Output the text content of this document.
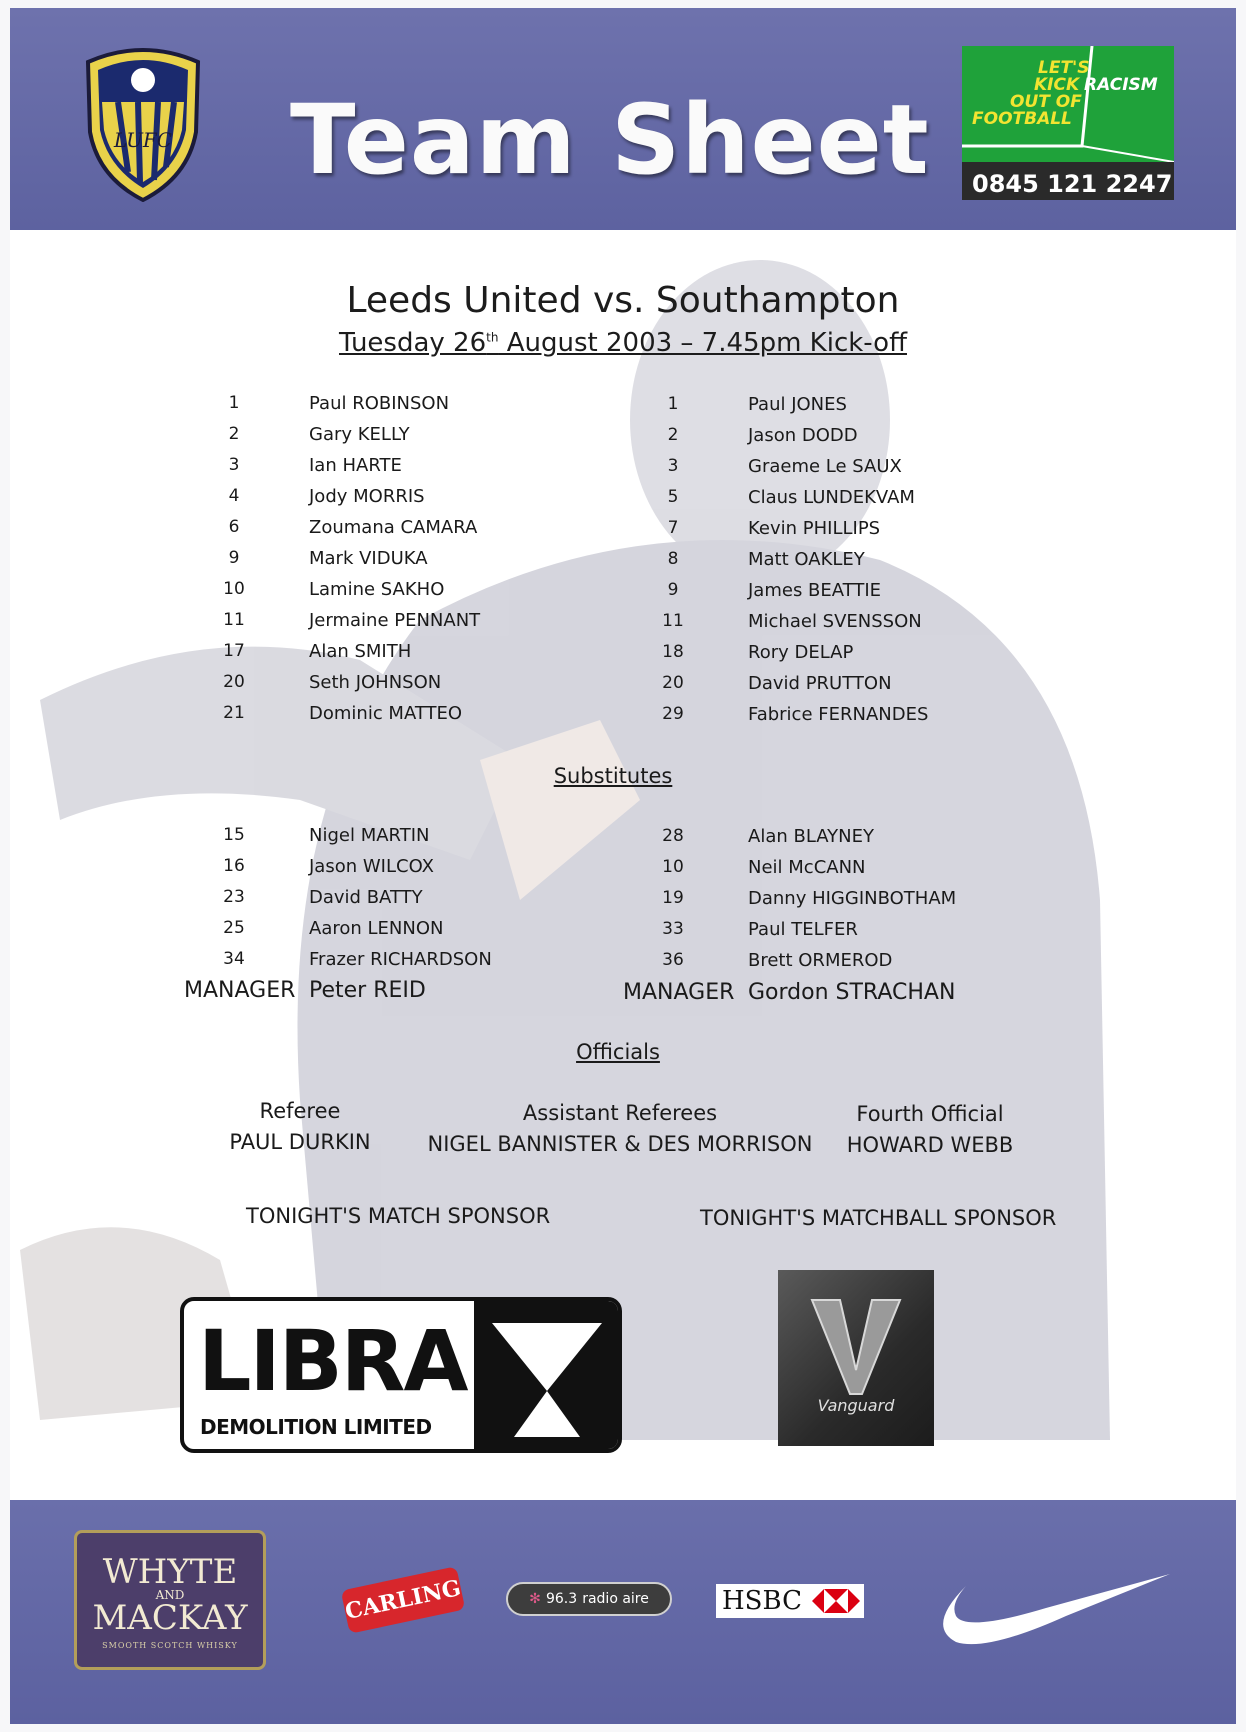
LUFC Team Sheet
LET'S
KICK RACISM
OUT OF
FOOTBALL
0845 121 2247
Leeds United vs. Southampton
Tuesday 26th August 2003 – 7.45pm Kick-off
1	Paul ROBINSON
2	Gary KELLY
3	Ian HARTE
4	Jody MORRIS
6	Zoumana CAMARA
9	Mark VIDUKA
10	Lamine SAKHO
11	Jermaine PENNANT
17	Alan SMITH
20	Seth JOHNSON
21	Dominic MATTEO
1	Paul JONES
2	Jason DODD
3	Graeme Le SAUX
5	Claus LUNDEKVAM
7	Kevin PHILLIPS
8	Matt OAKLEY
9	James BEATTIE
11	Michael SVENSSON
18	Rory DELAP
20	David PRUTTON
29	Fabrice FERNANDES
Substitutes
15	Nigel MARTIN
16	Jason WILCOX
23	David BATTY
25	Aaron LENNON
34	Frazer RICHARDSON
MANAGER Peter REID
28	Alan BLAYNEY
10	Neil McCANN
19	Danny HIGGINBOTHAM
33	Paul TELFER
36	Brett ORMEROD
MANAGER Gordon STRACHAN
Officials
Referee
PAUL DURKIN
Assistant Referees
NIGEL BANNISTER & DES MORRISON
Fourth Official
HOWARD WEBB
TONIGHT'S MATCH SPONSOR	TONIGHT'S MATCHBALL SPONSOR
LIBRA
DEMOLITION LIMITED
Vanguard
WHYTE
AND
MACKAY
SMOOTH SCOTCH WHISKY
CARLING	✻ 96.3 radio aire	HSBC
